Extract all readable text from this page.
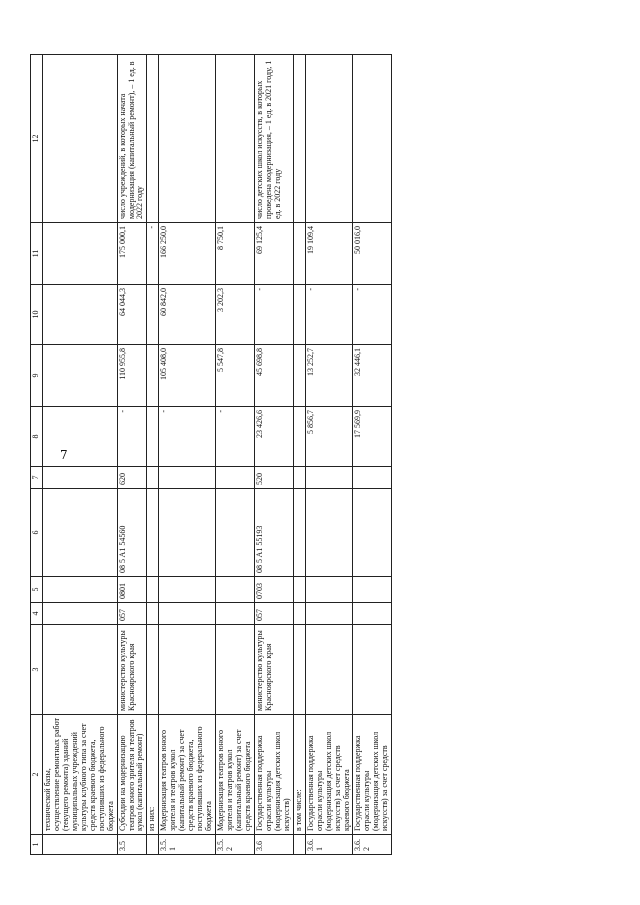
7
1	2	3	4	5	6	7	8	9	10	11	12
	технической базы, осуществление ремонтных работ (текущего ремонта) зданий муниципальных учреждений культуры клубного типа за счет средств краевого бюджета, поступивших из федерального бюджета										
3.5	Субсидии на модернизацию театров юного зрителя и театров кукол (капитальный ремонт)	министерство культуры Красноярского края	057	0801	08 5 A1 54560	620	-	110 955,8	64 044,3	175 000,1	число учреждений, в которых начата модернизация (капитальный ремонт), – 1 ед. в 2022 году
	из них:									-	
3.5.1	Модернизация театров юного зрителя и театров кукол (капитальный ремонт) за счет средств краевого бюджета, поступивших из федерального бюджета						-	105 408,0	60 842,0	166 250,0	
3.5.2	Модернизация театров юного зрителя и театров кукол (капитальный ремонт) за счет средств краевого бюджета						-	5 547,8	3 202,3	8 750,1	
3.6	Государственная поддержка отрасли культуры (модернизация детских школ искусств)	министерство культуры Красноярского края	057	0703	08 5 A1 55193	520	23 426,6	45 698,8	-	69 125,4	число детских школ искусств, в которых проведена модернизация, – 1 ед. в 2021 году, 1 ед. в 2022 году
	в том числе:										
3.6.1	Государственная поддержка отрасли культуры (модернизация детских школ искусств) за счет средств краевого бюджета						5 856,7	13 252,7	-	19 109,4	
3.6.2	Государственная поддержка отрасли культуры (модернизация детских школ искусств) за счет средств						17 569,9	32 446,1	-	50 016,0	
